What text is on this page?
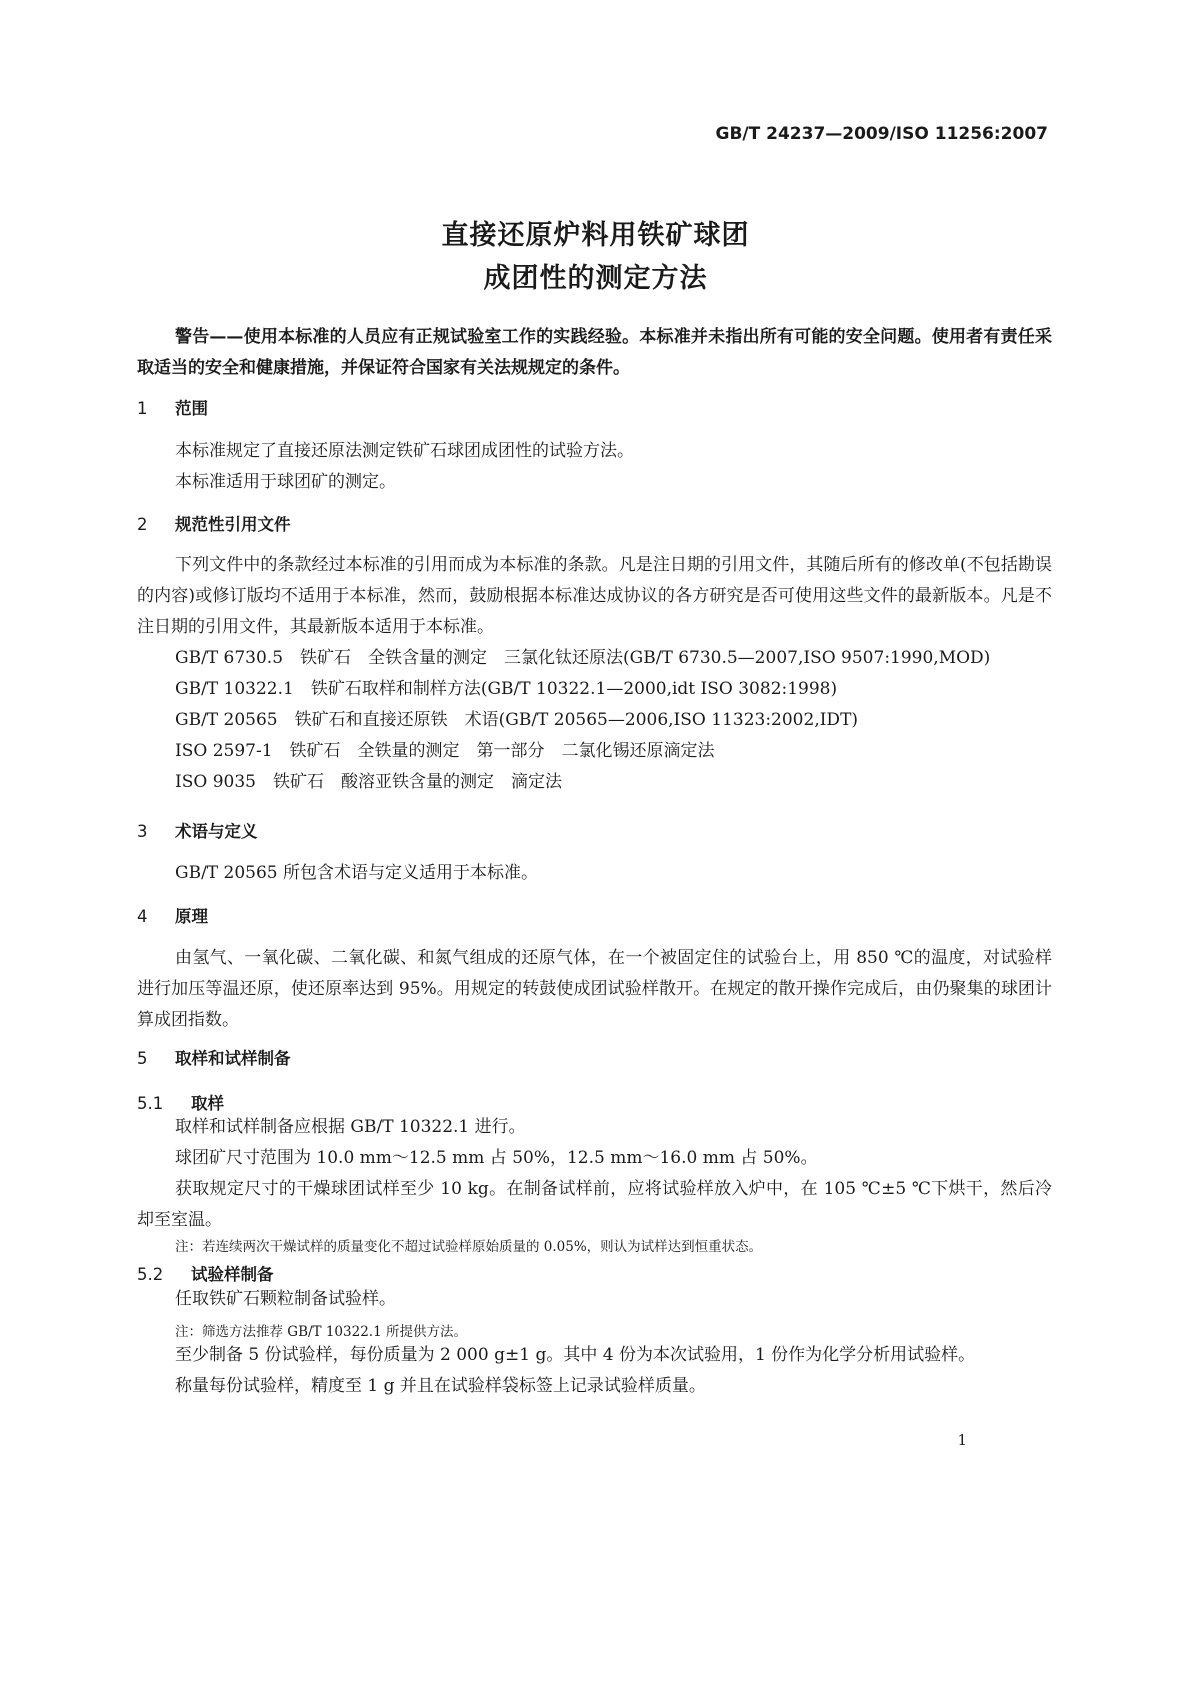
GB/T 24237—2009/ISO 11256:2007
直接还原炉料用铁矿球团
成团性的测定方法

警告——使用本标准的人员应有正规试验室工作的实践经验。本标准并未指出所有可能的安全问题。使用者有责任采取适当的安全和健康措施，并保证符合国家有关法规规定的条件。

1 范围

本标准规定了直接还原法测定铁矿石球团成团性的试验方法。

本标准适用于球团矿的测定。

2 规范性引用文件

下列文件中的条款经过本标准的引用而成为本标准的条款。凡是注日期的引用文件，其随后所有的修改单(不包括勘误的内容)或修订版均不适用于本标准，然而，鼓励根据本标准达成协议的各方研究是否可使用这些文件的最新版本。凡是不注日期的引用文件，其最新版本适用于本标准。

GB/T 6730.5　铁矿石　全铁含量的测定　三氯化钛还原法(GB/T 6730.5—2007,ISO 9507:1990,MOD)

GB/T 10322.1　铁矿石取样和制样方法(GB/T 10322.1—2000,idt ISO 3082:1998)

GB/T 20565　铁矿石和直接还原铁　术语(GB/T 20565—2006,ISO 11323:2002,IDT)

ISO 2597-1　铁矿石　全铁量的测定　第一部分　二氯化锡还原滴定法

ISO 9035　铁矿石　酸溶亚铁含量的测定　滴定法

3 术语与定义

GB/T 20565 所包含术语与定义适用于本标准。

4 原理

由氢气、一氧化碳、二氧化碳、和氮气组成的还原气体，在一个被固定住的试验台上，用 850 ℃的温度，对试验样进行加压等温还原，使还原率达到 95%。用规定的转鼓使成团试验样散开。在规定的散开操作完成后，由仍聚集的球团计算成团指数。

5 取样和试样制备
5.1 取样

取样和试样制备应根据 GB/T 10322.1 进行。

球团矿尺寸范围为 10.0 mm～12.5 mm 占 50%，12.5 mm～16.0 mm 占 50%。

获取规定尺寸的干燥球团试样至少 10 kg。在制备试样前，应将试验样放入炉中，在 105 ℃±5 ℃下烘干，然后冷却至室温。

注：若连续两次干燥试样的质量变化不超过试验样原始质量的 0.05%，则认为试样达到恒重状态。

5.2 试验样制备

任取铁矿石颗粒制备试验样。

注：筛选方法推荐 GB/T 10322.1 所提供方法。

至少制备 5 份试验样，每份质量为 2 000 g±1 g。其中 4 份为本次试验用，1 份作为化学分析用试验样。

称量每份试验样，精度至 1 g 并且在试验样袋标签上记录试验样质量。

1
